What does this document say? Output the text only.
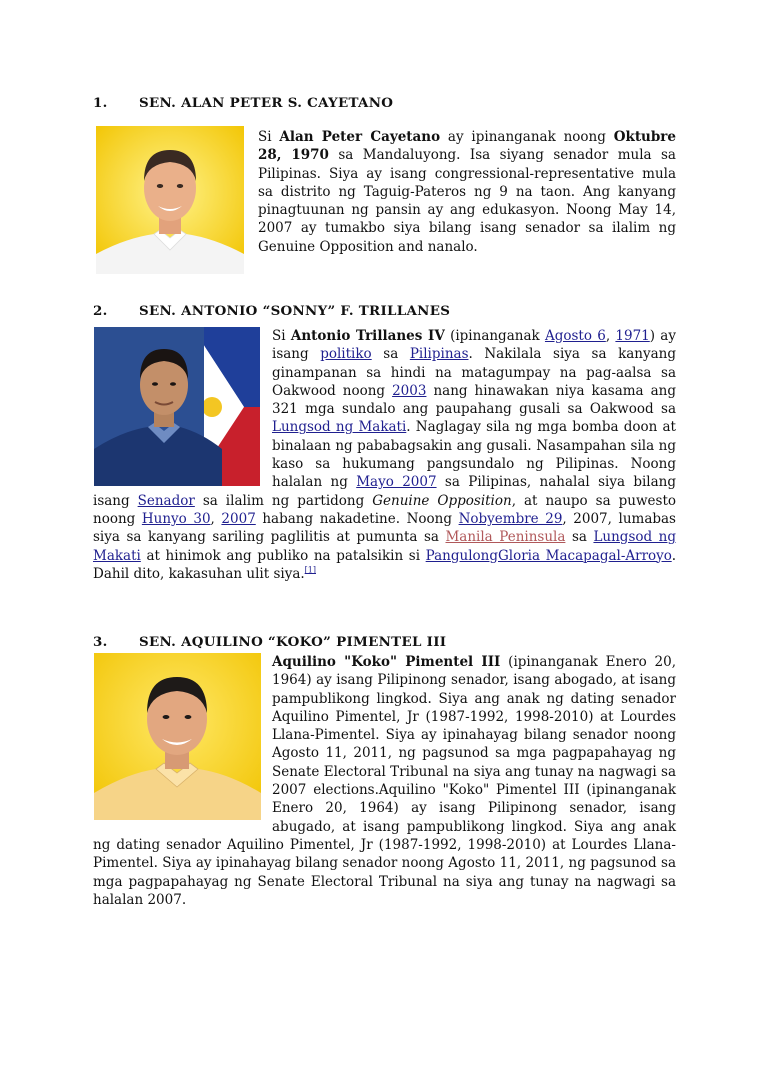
1. SEN. ALAN PETER S. CAYETANO

Si Alan Peter Cayetano ay ipinanganak noong Oktubre 28, 1970 sa Mandaluyong. Isa siyang senador mula sa Pilipinas. Siya ay isang congressional-representative mula sa distrito ng Taguig-Pateros ng 9 na taon. Ang kanyang pinagtuunan ng pansin ay ang edukasyon. Noong May 14, 2007 ay tumakbo siya bilang isang senador sa ilalim ng Genuine Opposition and nanalo.

2. SEN. ANTONIO “SONNY” F. TRILLANES

Si Antonio Trillanes IV (ipinanganak Agosto 6, 1971) ay isang politiko sa Pilipinas. Nakilala siya sa kanyang ginampanan sa hindi na matagumpay na pag-aalsa sa Oakwood noong 2003 nang hinawakan niya kasama ang 321 mga sundalo ang paupahang gusali sa Oakwood sa Lungsod ng Makati. Naglagay sila ng mga bomba doon at binalaan ng pababagsakin ang gusali. Nasampahan sila ng kaso sa hukumang pangsundalo ng Pilipinas. Noong halalan ng Mayo 2007 sa Pilipinas, nahalal siya bilang isang Senador sa ilalim ng partidong Genuine Opposition, at naupo sa puwesto noong Hunyo 30, 2007 habang nakadetine. Noong Nobyembre 29, 2007, lumabas siya sa kanyang sariling paglilitis at pumunta sa Manila Peninsula sa Lungsod ng Makati at hinimok ang publiko na patalsikin si PangulongGloria Macapagal-Arroyo. Dahil dito, kakasuhan ulit siya.[1]

3. SEN. AQUILINO “KOKO” PIMENTEL III

Aquilino "Koko" Pimentel III (ipinanganak Enero 20, 1964) ay isang Pilipinong senador, isang abogado, at isang pampublikong lingkod. Siya ang anak ng dating senador Aquilino Pimentel, Jr (1987-1992, 1998-2010) at Lourdes Llana-Pimentel. Siya ay ipinahayag bilang senador noong Agosto 11, 2011, ng pagsunod sa mga pagpapahayag ng Senate Electoral Tribunal na siya ang tunay na nagwagi sa 2007 elections.Aquilino "Koko" Pimentel III (ipinanganak Enero 20, 1964) ay isang Pilipinong senador, isang abugado, at isang pampublikong lingkod. Siya ang anak ng dating senador Aquilino Pimentel, Jr (1987-1992, 1998-2010) at Lourdes Llana-Pimentel. Siya ay ipinahayag bilang senador noong Agosto 11, 2011, ng pagsunod sa mga pagpapahayag ng Senate Electoral Tribunal na siya ang tunay na nagwagi sa halalan 2007.
